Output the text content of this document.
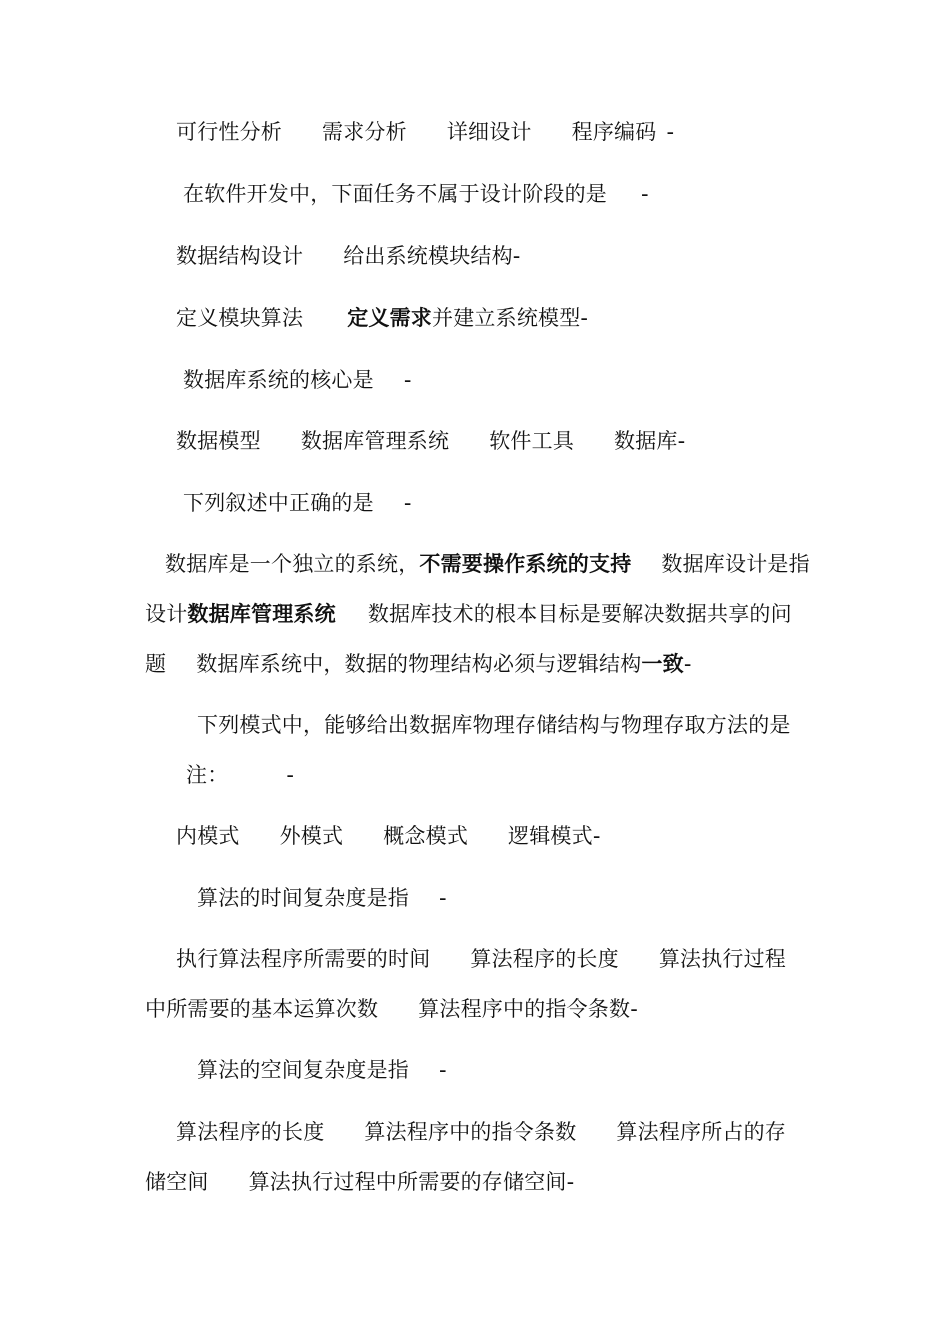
可行性分析 需求分析 详细设计 程序编码 -
在软件开发中，下面任务不属于设计阶段的是 -
数据结构设计 给出系统模块结构-
定义模块算法 定义需求并建立系统模型-
数据库系统的核心是 -
数据模型 数据库管理系统 软件工具 数据库-
下列叙述中正确的是 -
数据库是一个独立的系统，不需要操作系统的支持 数据库设计是指
设计数据库管理系统 数据库技术的根本目标是要解决数据共享的问
题 数据库系统中，数据的物理结构必须与逻辑结构一致-
下列模式中，能够给出数据库物理存储结构与物理存取方法的是
注：	-
内模式 外模式 概念模式 逻辑模式-
算法的时间复杂度是指 -
执行算法程序所需要的时间 算法程序的长度 算法执行过程
中所需要的基本运算次数 算法程序中的指令条数-
算法的空间复杂度是指 -
算法程序的长度 算法程序中的指令条数 算法程序所占的存
储空间 算法执行过程中所需要的存储空间-
